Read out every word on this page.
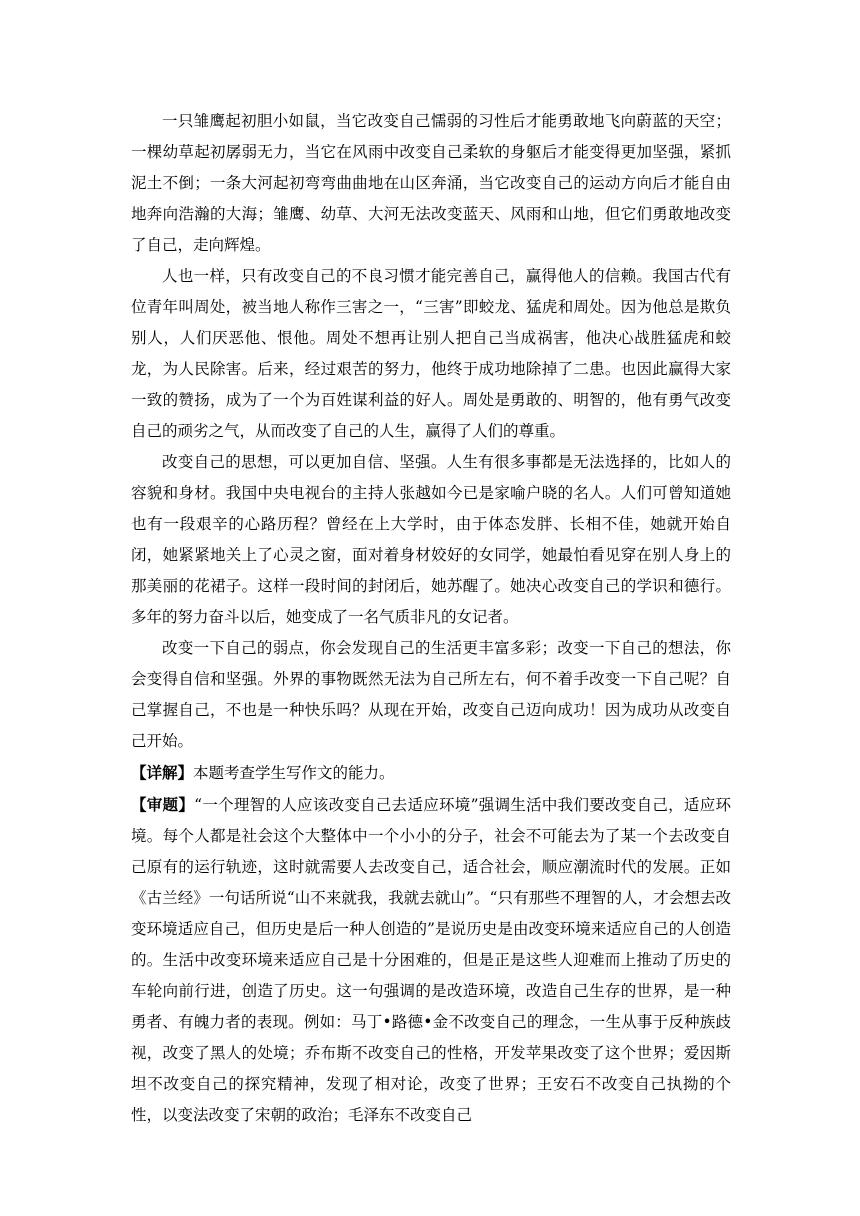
一只雏鹰起初胆小如鼠，当它改变自己懦弱的习性后才能勇敢地飞向蔚蓝的天空；一棵幼草起初孱弱无力，当它在风雨中改变自己柔软的身躯后才能变得更加坚强，紧抓泥土不倒；一条大河起初弯弯曲曲地在山区奔涌，当它改变自己的运动方向后才能自由地奔向浩瀚的大海；雏鹰、幼草、大河无法改变蓝天、风雨和山地，但它们勇敢地改变了自己，走向辉煌。

人也一样，只有改变自己的不良习惯才能完善自己，赢得他人的信赖。我国古代有位青年叫周处，被当地人称作三害之一，“三害”即蛟龙、猛虎和周处。因为他总是欺负别人，人们厌恶他、恨他。周处不想再让别人把自己当成祸害，他决心战胜猛虎和蛟龙，为人民除害。后来，经过艰苦的努力，他终于成功地除掉了二患。也因此赢得大家一致的赞扬，成为了一个为百姓谋利益的好人。周处是勇敢的、明智的，他有勇气改变自己的顽劣之气，从而改变了自己的人生，赢得了人们的尊重。

改变自己的思想，可以更加自信、坚强。人生有很多事都是无法选择的，比如人的容貌和身材。我国中央电视台的主持人张越如今已是家喻户晓的名人。人们可曾知道她也有一段艰辛的心路历程？曾经在上大学时，由于体态发胖、长相不佳，她就开始自闭，她紧紧地关上了心灵之窗，面对着身材姣好的女同学，她最怕看见穿在别人身上的那美丽的花裙子。这样一段时间的封闭后，她苏醒了。她决心改变自己的学识和德行。多年的努力奋斗以后，她变成了一名气质非凡的女记者。

改变一下自己的弱点，你会发现自己的生活更丰富多彩；改变一下自己的想法，你会变得自信和坚强。外界的事物既然无法为自己所左右，何不着手改变一下自己呢？自己掌握自己，不也是一种快乐吗？从现在开始，改变自己迈向成功！因为成功从改变自己开始。

【详解】本题考查学生写作文的能力。

【审题】“一个理智的人应该改变自己去适应环境”强调生活中我们要改变自己，适应环境。每个人都是社会这个大整体中一个小小的分子，社会不可能去为了某一个去改变自己原有的运行轨迹，这时就需要人去改变自己，适合社会，顺应潮流时代的发展。正如《古兰经》一句话所说“山不来就我，我就去就山”。“只有那些不理智的人，才会想去改变环境适应自己，但历史是后一种人创造的”是说历史是由改变环境来适应自己的人创造的。生活中改变环境来适应自己是十分困难的，但是正是这些人迎难而上推动了历史的车轮向前行进，创造了历史。这一句强调的是改造环境，改造自己生存的世界，是一种勇者、有魄力者的表现。例如：马丁•路德•金不改变自己的理念，一生从事于反种族歧视，改变了黑人的处境；乔布斯不改变自己的性格，开发苹果改变了这个世界；爱因斯坦不改变自己的探究精神，发现了相对论，改变了世界；王安石不改变自己执拗的个性，以变法改变了宋朝的政治；毛泽东不改变自己
